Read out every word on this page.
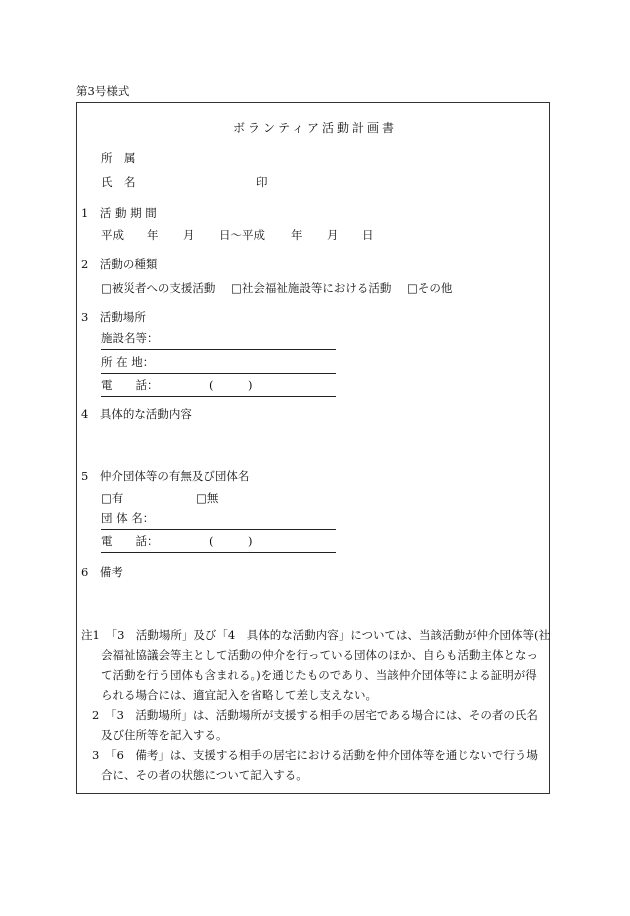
第3号様式
ボランティア活動計画書
所　属
氏　名	印
1　活 動 期 間
平成 年 月 日〜平成 年 月 日
2　活動の種類
□被災者への支援活動 □社会福祉施設等における活動 □その他
3　活動場所
施設名等：
所 在 地：
電　　話：	(　　　)
4　具体的な活動内容
5　仲介団体等の有無及び団体名
□有	□無
団 体 名：
電　　話：	(　　　)
6　備考
注1　「3　活動場所」及び「4　具体的な活動内容」については、当該活動が仲介団体等(社
会福祉協議会等主として活動の仲介を行っている団体のほか、自らも活動主体となっ
て活動を行う団体も含まれる。)を通じたものであり、当該仲介団体等による証明が得
られる場合には、適宜記入を省略して差し支えない。
2　「3　活動場所」は、活動場所が支援する相手の居宅である場合には、その者の氏名
及び住所等を記入する。
3　「6　備考」は、支援する相手の居宅における活動を仲介団体等を通じないで行う場
合に、その者の状態について記入する。
